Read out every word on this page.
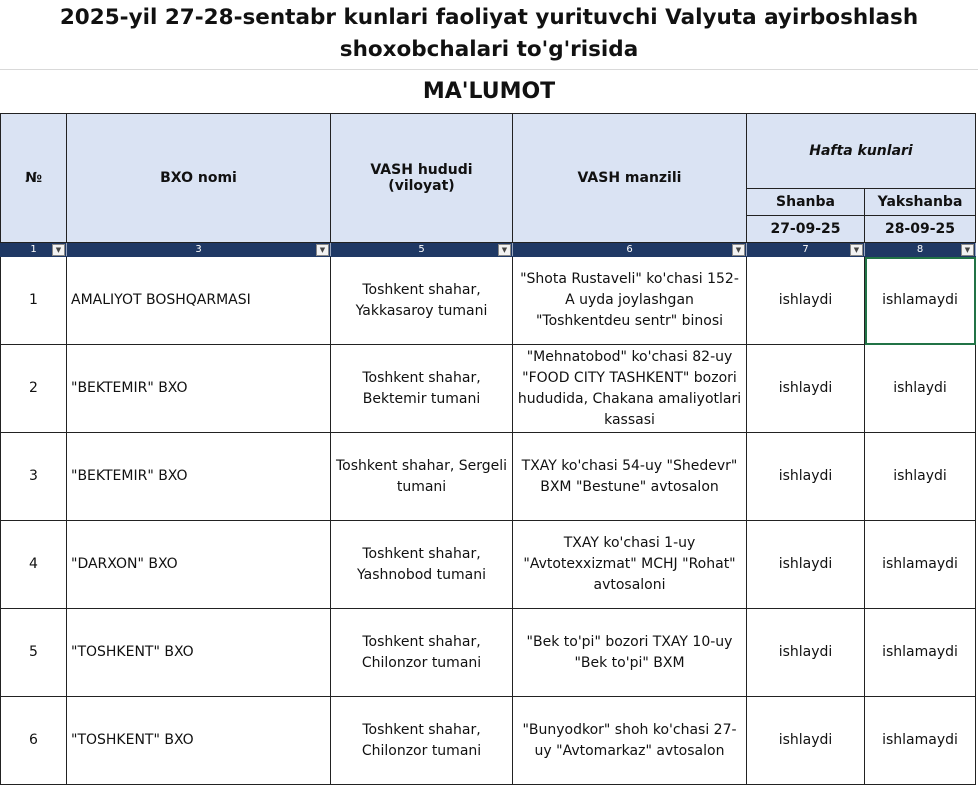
2025-yil 27-28-sentabr kunlari faoliyat yurituvchi Valyuta ayirboshlash shoxobchalari to'g'risida
MA'LUMOT
№	BXO nomi	VASH hududi (viloyat)	VASH manzili	Hafta kunlari	
				Shanba	Yakshanba
				27-09-25	28-09-25
1 ▼	3 ▼	5 ▼	6 ▼	7 ▼	8 ▼

1	AMALIYOT BOSHQARMASI	Toshkent shahar, Yakkasaroy tumani	"Shota Rustaveli" ko'chasi 152-A uyda joylashgan "Toshkentdeu sentr" binosi	ishlaydi	ishlamaydi
2	"BEKTEMIR" BXO	Toshkent shahar, Bektemir tumani	"Mehnatobod" ko'chasi 82-uy "FOOD CITY TASHKENT" bozori hududida, Chakana amaliyotlari kassasi	ishlaydi	ishlaydi
3	"BEKTEMIR" BXO	Toshkent shahar, Sergeli tumani	TXAY ko'chasi 54-uy "Shedevr" BXM "Bestune" avtosalon	ishlaydi	ishlaydi
4	"DARXON" BXO	Toshkent shahar, Yashnobod tumani	TXAY ko'chasi 1-uy "Avtotexxizmat" MCHJ "Rohat" avtosaloni	ishlaydi	ishlamaydi
5	"TOSHKENT" BXO	Toshkent shahar, Chilonzor tumani	"Bek to'pi" bozori TXAY 10-uy "Bek to'pi" BXM	ishlaydi	ishlamaydi
6	"TOSHKENT" BXO	Toshkent shahar, Chilonzor tumani	"Bunyodkor" shoh ko'chasi 27-uy "Avtomarkaz" avtosalon	ishlaydi	ishlamaydi
